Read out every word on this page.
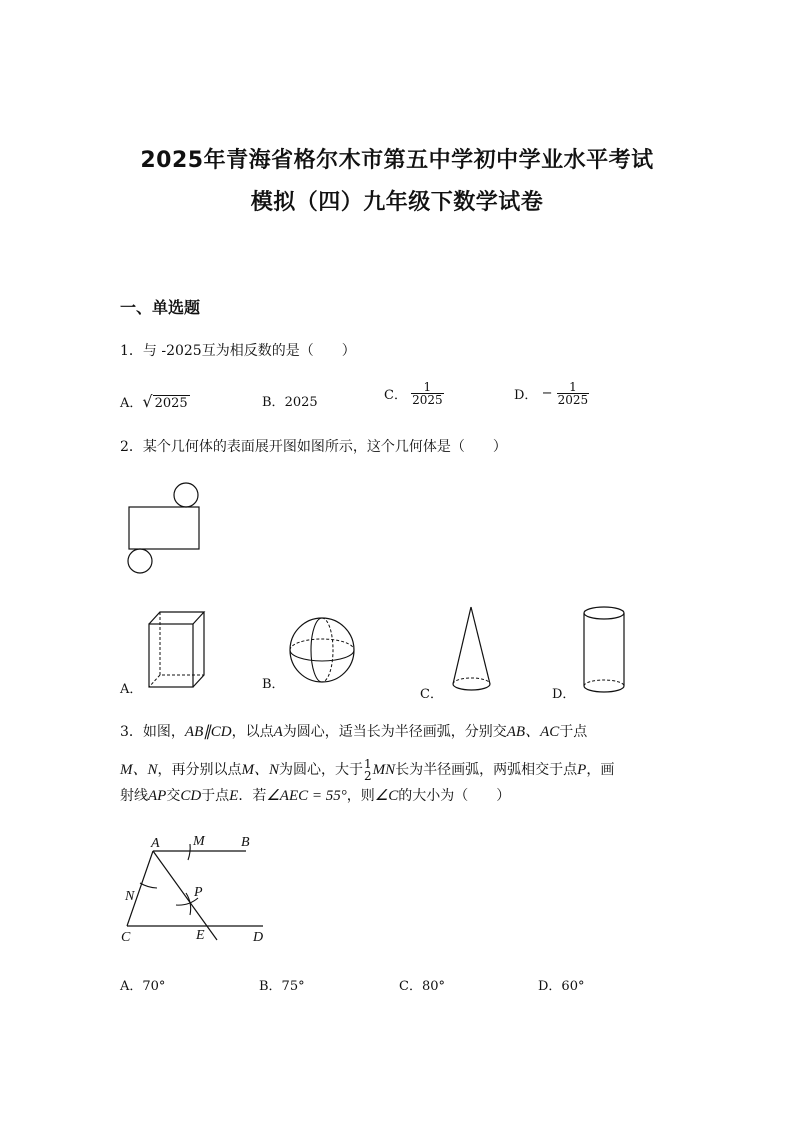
2025年青海省格尔木市第五中学初中学业水平考试
模拟（四）九年级下数学试卷
一、单选题
1．与 -2025互为相反数的是（　　）
A．√ 2025	B．2025	C． $\frac{1}{2025}$	D． − $\frac{1}{2025}$
2．某个几何体的表面展开图如图所示，这个几何体是（　　）
A．	B．
C．	D．
3．如图，AB∥CD，以点A为圆心，适当长为半径画弧，分别交AB、AC于点
M、N，再分别以点M、N为圆心，大于 1
2 MN长为半径画弧，两弧相交于点P，画
射线AP交CD于点E．若∠AEC = 55°，则∠C的大小为（　　）
A M	B
N	P
C	E	D
A．70°	B．75°	C．80°	D．60°
